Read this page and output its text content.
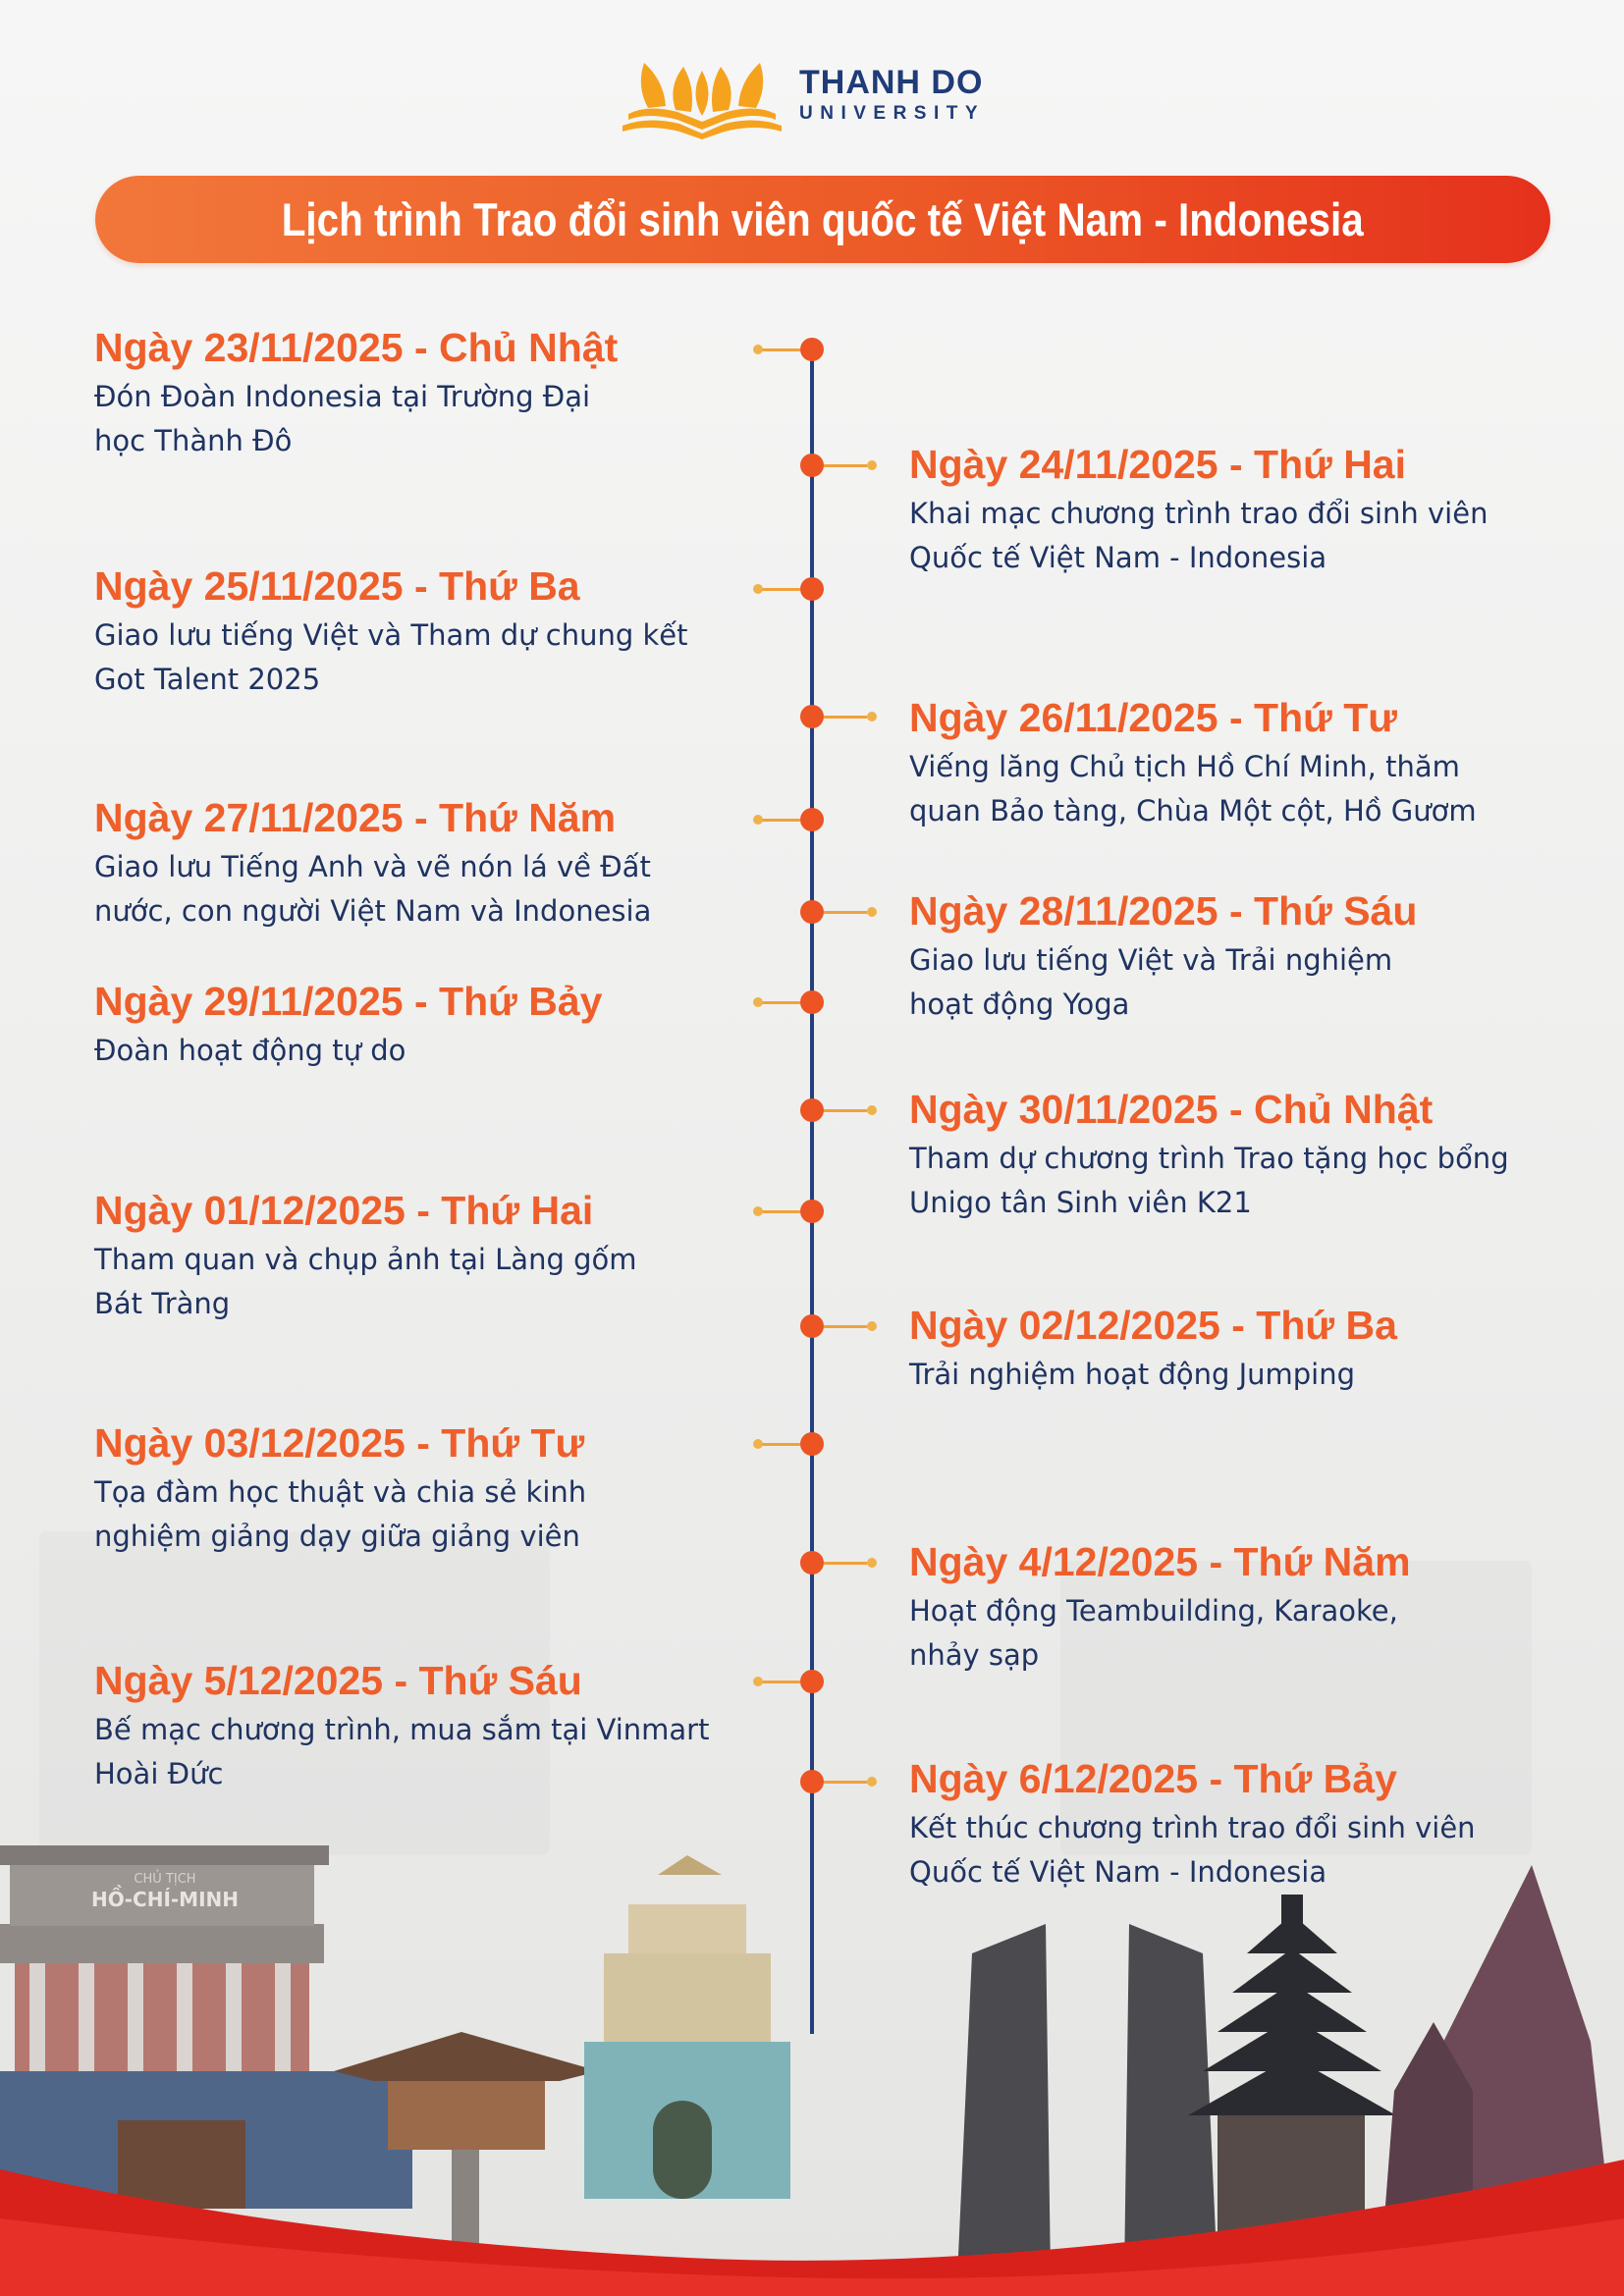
THANH DO
UNIVERSITY
Lịch trình Trao đổi sinh viên quốc tế Việt Nam - Indonesia
Ngày 23/11/2025 - Chủ Nhật
Đón Đoàn Indonesia tại Trường Đại
học Thành Đô
Ngày 24/11/2025 - Thứ Hai
Khai mạc chương trình trao đổi sinh viên
Quốc tế Việt Nam - Indonesia
Ngày 25/11/2025 - Thứ Ba
Giao lưu tiếng Việt và Tham dự chung kết
Got Talent 2025
Ngày 26/11/2025 - Thứ Tư
Viếng lăng Chủ tịch Hồ Chí Minh, thăm
quan Bảo tàng, Chùa Một cột, Hồ Gươm
Ngày 27/11/2025 - Thứ Năm
Giao lưu Tiếng Anh và vẽ nón lá về Đất
nước, con người Việt Nam và Indonesia	Ngày 28/11/2025 - Thứ Sáu
Giao lưu tiếng Việt và Trải nghiệm
hoạt động Yoga
Ngày 29/11/2025 - Thứ Bảy
Đoàn hoạt động tự do
Ngày 30/11/2025 - Chủ Nhật
Tham dự chương trình Trao tặng học bổng
Unigo tân Sinh viên K21
Ngày 01/12/2025 - Thứ Hai
Tham quan và chụp ảnh tại Làng gốm
Bát Tràng	Ngày 02/12/2025 - Thứ Ba
Trải nghiệm hoạt động Jumping
Ngày 03/12/2025 - Thứ Tư
Tọa đàm học thuật và chia sẻ kinh
nghiệm giảng dạy giữa giảng viên
Ngày 4/12/2025 - Thứ Năm
Hoạt động Teambuilding, Karaoke,
nhảy sạp
Ngày 5/12/2025 - Thứ Sáu
Bế mạc chương trình, mua sắm tại Vinmart
Hoài Đức	Ngày 6/12/2025 - Thứ Bảy
Kết thúc chương trình trao đổi sinh viên
Quốc tế Việt Nam - Indonesia
CHỦ TỊCH
HỒ-CHÍ-MINH
